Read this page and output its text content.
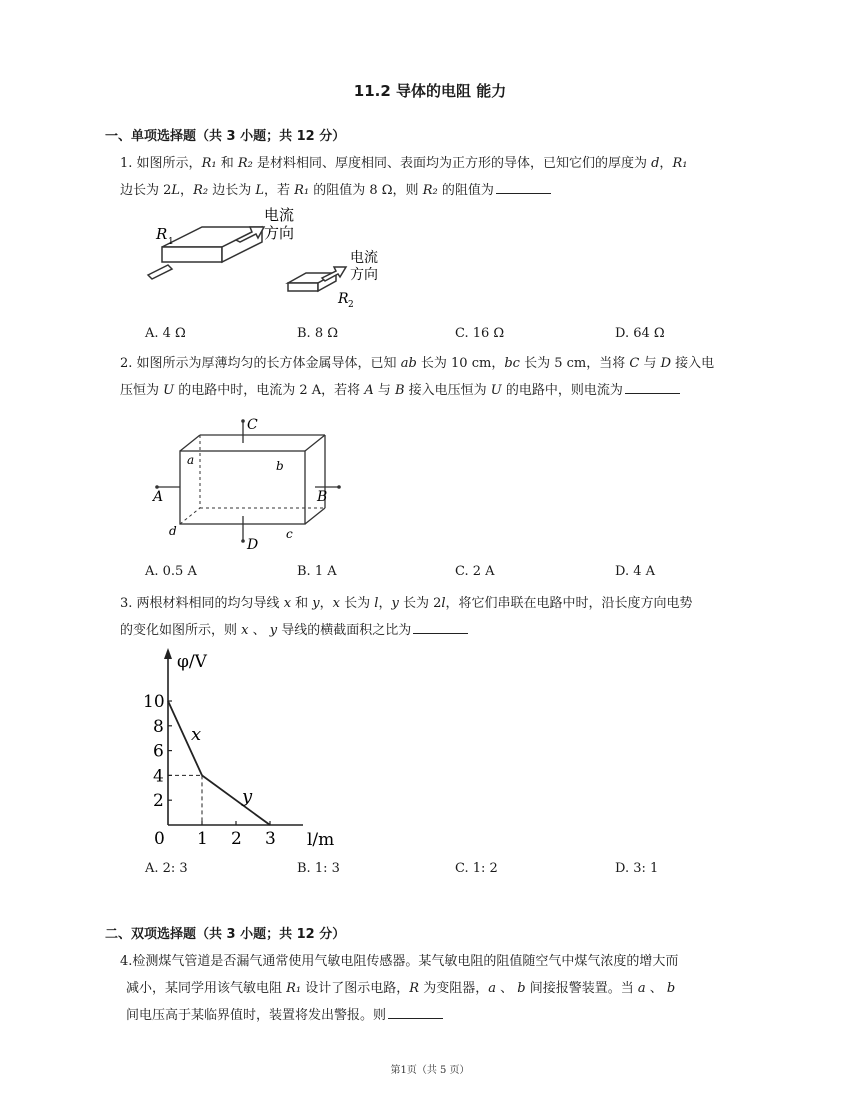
11.2 导体的电阻 能力
一、单项选择题（共 3 小题；共 12 分）
1. 如图所示，R₁ 和 R₂ 是材料相同、厚度相同、表面均为正方形的导体，已知它们的厚度为 d，R₁
边长为 2L，R₂ 边长为 L，若 R₁ 的阻值为 8 Ω，则 R₂ 的阻值为
R 1
电流
方向
R 2
电流
方向
A. 4 Ω	B. 8 Ω	C. 16 Ω	D. 64 Ω
2. 如图所示为厚薄均匀的长方体金属导体，已知 ab 长为 10 cm，bc 长为 5 cm，当将 C 与 D 接入电
压恒为 U 的电路中时，电流为 2 A，若将 A 与 B 接入电压恒为 U 的电路中，则电流为
C
D
A	B
a	b
c
d
A. 0.5 A	B. 1 A	C. 2 A	D. 4 A
3. 两根材料相同的均匀导线 x 和 y，x 长为 l，y 长为 2l，将它们串联在电路中时，沿长度方向电势
的变化如图所示，则 x 、 y 导线的横截面积之比为
φ/V
l/m
0 1 2 3
2
4
6
8
10
x
y
A. 2: 3	B. 1: 3	C. 1: 2	D. 3: 1
二、双项选择题（共 3 小题；共 12 分）
4.检测煤气管道是否漏气通常使用气敏电阻传感器。某气敏电阻的阻值随空气中煤气浓度的增大而
减小，某同学用该气敏电阻 R₁ 设计了图示电路，R 为变阻器，a 、 b 间接报警装置。当 a 、 b
间电压高于某临界值时，装置将发出警报。则
第1页（共 5 页）
